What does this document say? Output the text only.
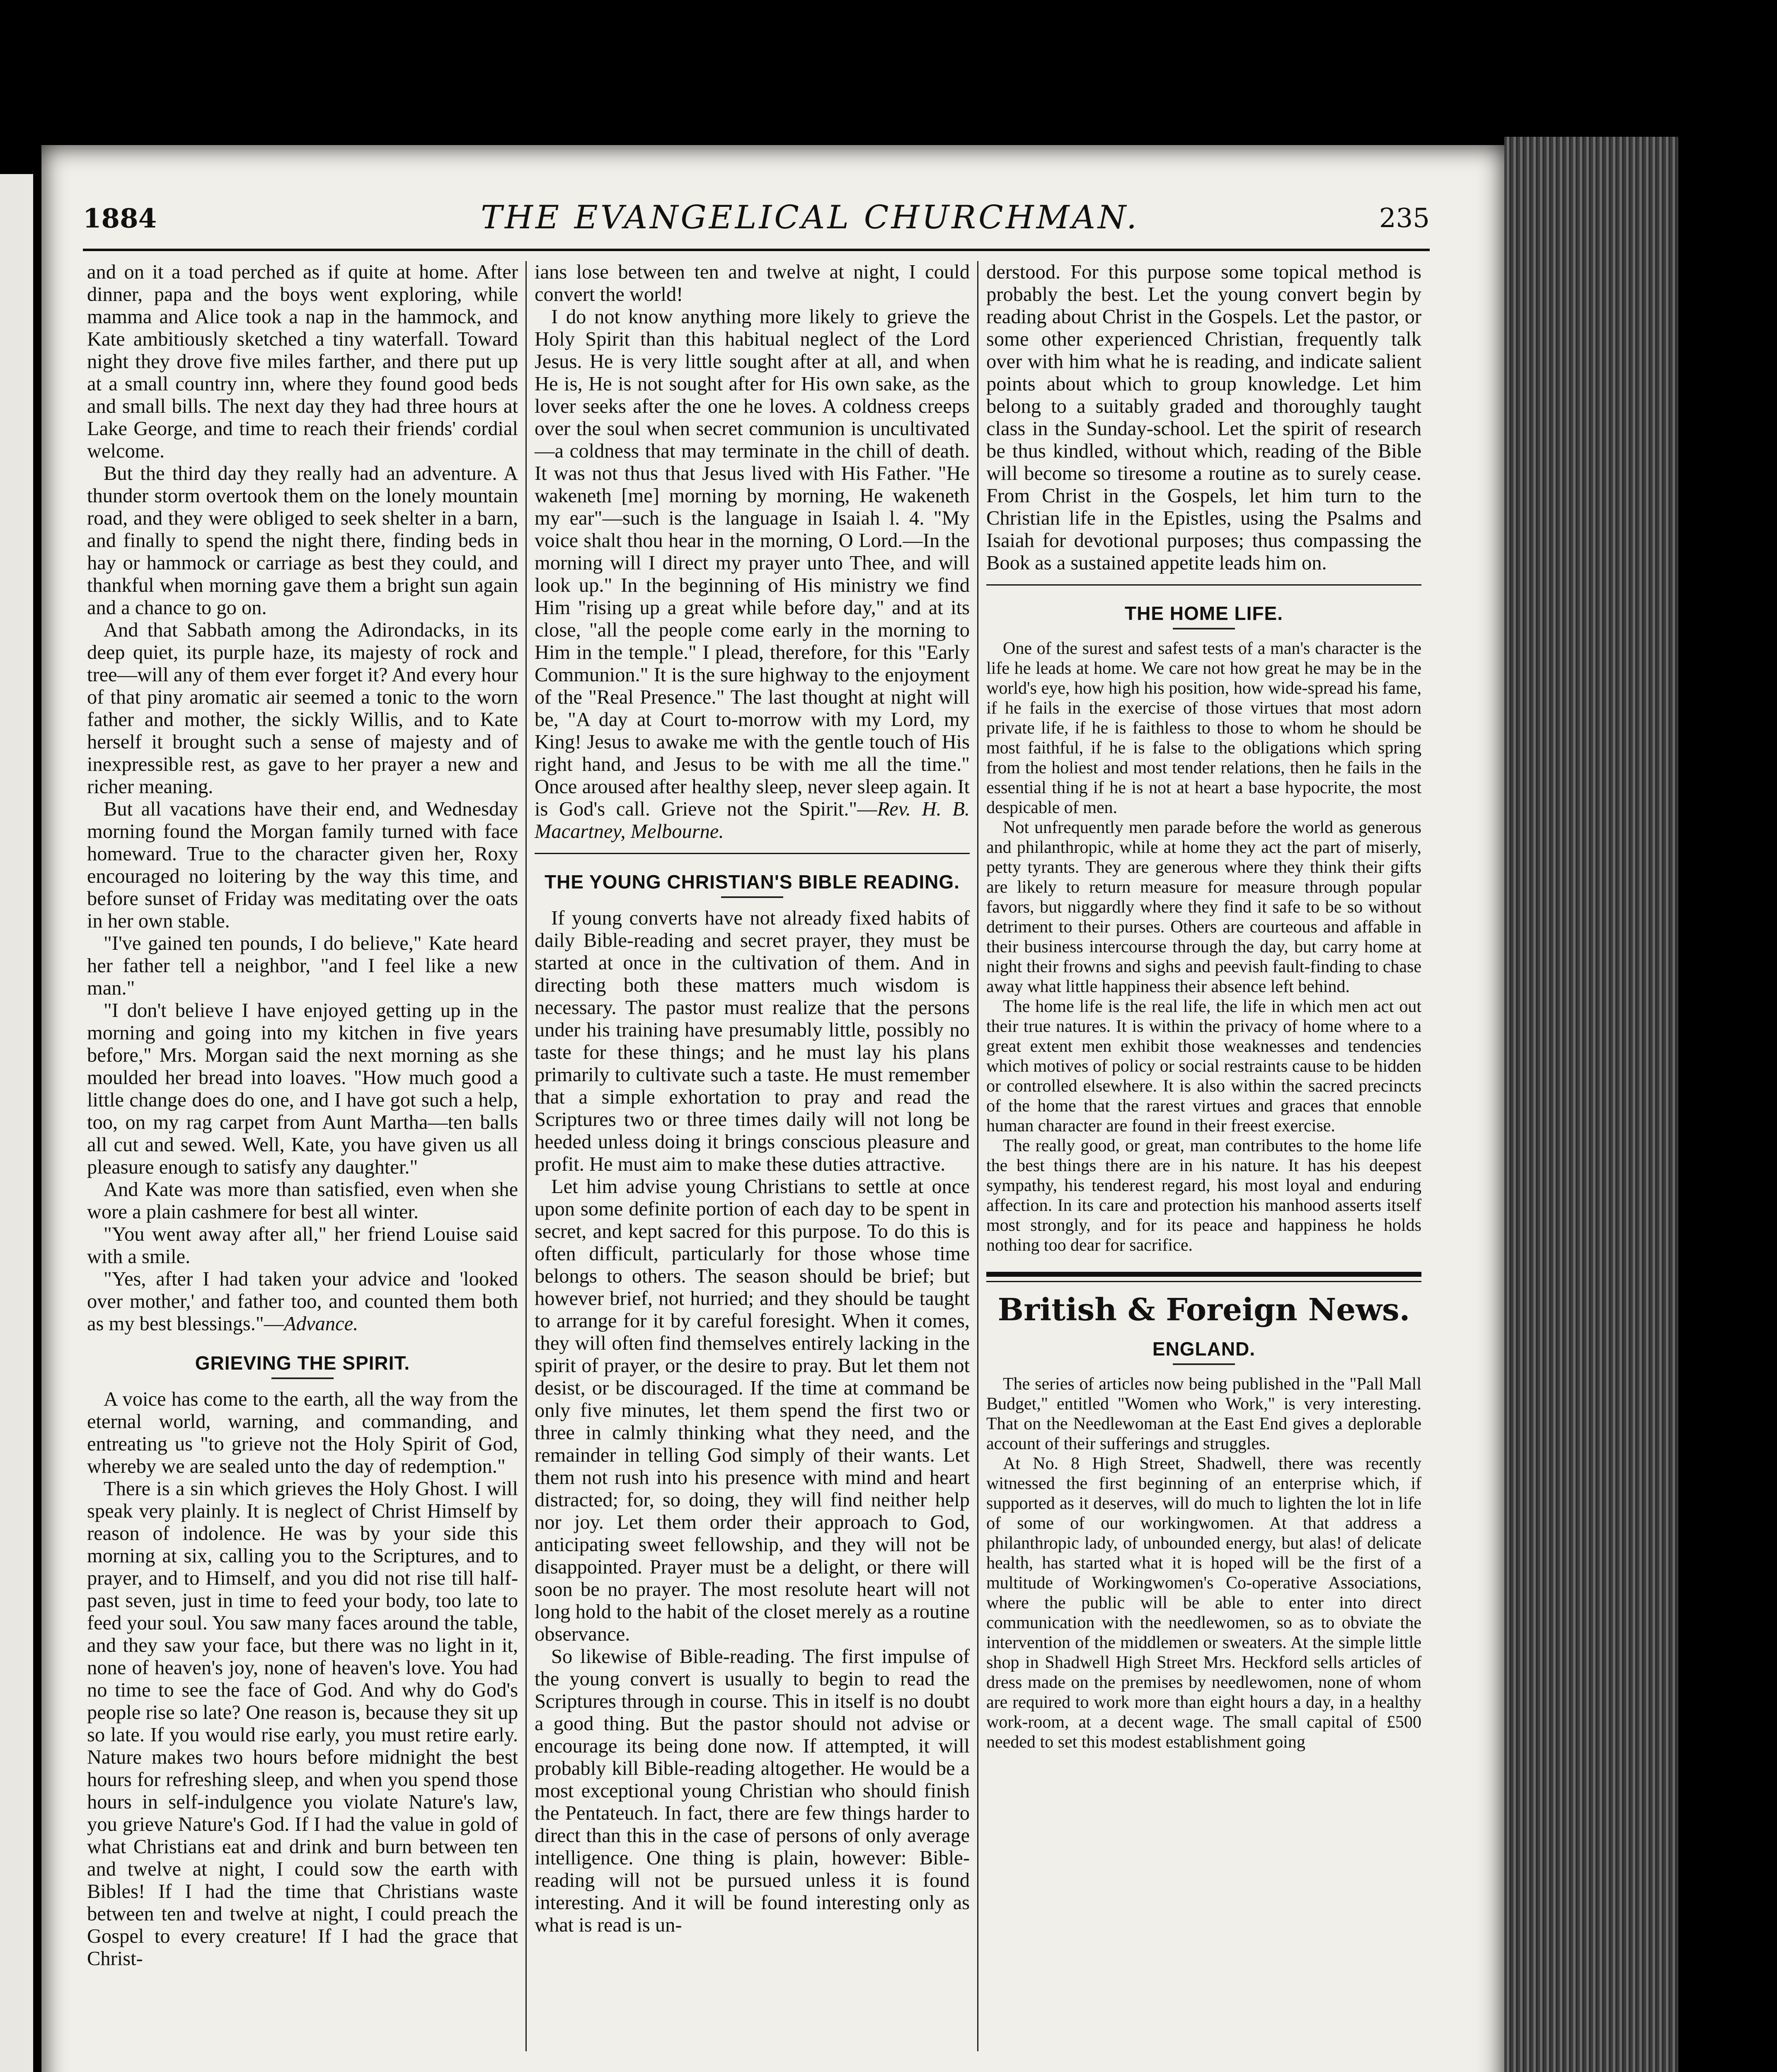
1884	THE EVANGELICAL CHURCHMAN.	235

and on it a toad perched as if quite at home. After dinner, papa and the boys went exploring, while mamma and Alice took a nap in the hammock, and Kate ambitiously sketched a tiny waterfall. Toward night they drove five miles farther, and there put up at a small country inn, where they found good beds and small bills. The next day they had three hours at Lake George, and time to reach their friends' cordial welcome.

But the third day they really had an adventure. A thunder storm overtook them on the lonely mountain road, and they were obliged to seek shelter in a barn, and finally to spend the night there, finding beds in hay or hammock or carriage as best they could, and thankful when morning gave them a bright sun again and a chance to go on.

And that Sabbath among the Adirondacks, in its deep quiet, its purple haze, its majesty of rock and tree—will any of them ever forget it? And every hour of that piny aromatic air seemed a tonic to the worn father and mother, the sickly Willis, and to Kate herself it brought such a sense of majesty and of inexpressible rest, as gave to her prayer a new and richer meaning.

But all vacations have their end, and Wednesday morning found the Morgan family turned with face homeward. True to the character given her, Roxy encouraged no loitering by the way this time, and before sunset of Friday was meditating over the oats in her own stable.

"I've gained ten pounds, I do believe," Kate heard her father tell a neighbor, "and I feel like a new man."

"I don't believe I have enjoyed getting up in the morning and going into my kitchen in five years before," Mrs. Morgan said the next morning as she moulded her bread into loaves. "How much good a little change does do one, and I have got such a help, too, on my rag carpet from Aunt Martha—ten balls all cut and sewed. Well, Kate, you have given us all pleasure enough to satisfy any daughter."

And Kate was more than satisfied, even when she wore a plain cashmere for best all winter.

"You went away after all," her friend Louise said with a smile.

"Yes, after I had taken your advice and 'looked over mother,' and father too, and counted them both as my best blessings."—Advance.

GRIEVING THE SPIRIT.

A voice has come to the earth, all the way from the eternal world, warning, and commanding, and entreating us "to grieve not the Holy Spirit of God, whereby we are sealed unto the day of redemption."

There is a sin which grieves the Holy Ghost. I will speak very plainly. It is neglect of Christ Himself by reason of indolence. He was by your side this morning at six, calling you to the Scriptures, and to prayer, and to Himself, and you did not rise till half-past seven, just in time to feed your body, too late to feed your soul. You saw many faces around the table, and they saw your face, but there was no light in it, none of heaven's joy, none of heaven's love. You had no time to see the face of God. And why do God's people rise so late? One reason is, because they sit up so late. If you would rise early, you must retire early. Nature makes two hours before midnight the best hours for refreshing sleep, and when you spend those hours in self-indulgence you violate Nature's law, you grieve Nature's God. If I had the value in gold of what Christians eat and drink and burn between ten and twelve at night, I could sow the earth with Bibles! If I had the time that Christians waste between ten and twelve at night, I could preach the Gospel to every creature! If I had the grace that Christ-

ians lose between ten and twelve at night, I could convert the world!

I do not know anything more likely to grieve the Holy Spirit than this habitual neglect of the Lord Jesus. He is very little sought after at all, and when He is, He is not sought after for His own sake, as the lover seeks after the one he loves. A coldness creeps over the soul when secret communion is uncultivated—a coldness that may terminate in the chill of death. It was not thus that Jesus lived with His Father. "He wakeneth [me] morning by morning, He wakeneth my ear"—such is the language in Isaiah l. 4. "My voice shalt thou hear in the morning, O Lord.—In the morning will I direct my prayer unto Thee, and will look up." In the beginning of His ministry we find Him "rising up a great while before day," and at its close, "all the people come early in the morning to Him in the temple." I plead, therefore, for this "Early Communion." It is the sure highway to the enjoyment of the "Real Presence." The last thought at night will be, "A day at Court to-morrow with my Lord, my King! Jesus to awake me with the gentle touch of His right hand, and Jesus to be with me all the time." Once aroused after healthy sleep, never sleep again. It is God's call. Grieve not the Spirit."—Rev. H. B. Macartney, Melbourne.

THE YOUNG CHRISTIAN'S BIBLE READING.

If young converts have not already fixed habits of daily Bible-reading and secret prayer, they must be started at once in the cultivation of them. And in directing both these matters much wisdom is necessary. The pastor must realize that the persons under his training have presumably little, possibly no taste for these things; and he must lay his plans primarily to cultivate such a taste. He must remember that a simple exhortation to pray and read the Scriptures two or three times daily will not long be heeded unless doing it brings conscious pleasure and profit. He must aim to make these duties attractive.

Let him advise young Christians to settle at once upon some definite portion of each day to be spent in secret, and kept sacred for this purpose. To do this is often difficult, particularly for those whose time belongs to others. The season should be brief; but however brief, not hurried; and they should be taught to arrange for it by careful foresight. When it comes, they will often find themselves entirely lacking in the spirit of prayer, or the desire to pray. But let them not desist, or be discouraged. If the time at command be only five minutes, let them spend the first two or three in calmly thinking what they need, and the remainder in telling God simply of their wants. Let them not rush into his presence with mind and heart distracted; for, so doing, they will find neither help nor joy. Let them order their approach to God, anticipating sweet fellowship, and they will not be disappointed. Prayer must be a delight, or there will soon be no prayer. The most resolute heart will not long hold to the habit of the closet merely as a routine observance.

So likewise of Bible-reading. The first impulse of the young convert is usually to begin to read the Scriptures through in course. This in itself is no doubt a good thing. But the pastor should not advise or encourage its being done now. If attempted, it will probably kill Bible-reading altogether. He would be a most exceptional young Christian who should finish the Pentateuch. In fact, there are few things harder to direct than this in the case of persons of only average intelligence. One thing is plain, however: Bible-reading will not be pursued unless it is found interesting. And it will be found interesting only as what is read is un-

derstood. For this purpose some topical method is probably the best. Let the young convert begin by reading about Christ in the Gospels. Let the pastor, or some other experienced Christian, frequently talk over with him what he is reading, and indicate salient points about which to group knowledge. Let him belong to a suitably graded and thoroughly taught class in the Sunday-school. Let the spirit of research be thus kindled, without which, reading of the Bible will become so tiresome a routine as to surely cease. From Christ in the Gospels, let him turn to the Christian life in the Epistles, using the Psalms and Isaiah for devotional purposes; thus compassing the Book as a sustained appetite leads him on.

THE HOME LIFE.

One of the surest and safest tests of a man's character is the life he leads at home. We care not how great he may be in the world's eye, how high his position, how wide-spread his fame, if he fails in the exercise of those virtues that most adorn private life, if he is faithless to those to whom he should be most faithful, if he is false to the obligations which spring from the holiest and most tender relations, then he fails in the essential thing if he is not at heart a base hypocrite, the most despicable of men.

Not unfrequently men parade before the world as generous and philanthropic, while at home they act the part of miserly, petty tyrants. They are generous where they think their gifts are likely to return measure for measure through popular favors, but niggardly where they find it safe to be so without detriment to their purses. Others are courteous and affable in their business intercourse through the day, but carry home at night their frowns and sighs and peevish fault-finding to chase away what little happiness their absence left behind.

The home life is the real life, the life in which men act out their true natures. It is within the privacy of home where to a great extent men exhibit those weaknesses and tendencies which motives of policy or social restraints cause to be hidden or controlled elsewhere. It is also within the sacred precincts of the home that the rarest virtues and graces that ennoble human character are found in their freest exercise.

The really good, or great, man contributes to the home life the best things there are in his nature. It has his deepest sympathy, his tenderest regard, his most loyal and enduring affection. In its care and protection his manhood asserts itself most strongly, and for its peace and happiness he holds nothing too dear for sacrifice.

British & Foreign News.
ENGLAND.

The series of articles now being published in the "Pall Mall Budget," entitled "Women who Work," is very interesting. That on the Needlewoman at the East End gives a deplorable account of their sufferings and struggles.

At No. 8 High Street, Shadwell, there was recently witnessed the first beginning of an enterprise which, if supported as it deserves, will do much to lighten the lot in life of some of our workingwomen. At that address a philanthropic lady, of unbounded energy, but alas! of delicate health, has started what it is hoped will be the first of a multitude of Workingwomen's Co-operative Associations, where the public will be able to enter into direct communication with the needlewomen, so as to obviate the intervention of the middlemen or sweaters. At the simple little shop in Shadwell High Street Mrs. Heckford sells articles of dress made on the premises by needlewomen, none of whom are required to work more than eight hours a day, in a healthy work-room, at a decent wage. The small capital of £500 needed to set this modest establishment going
